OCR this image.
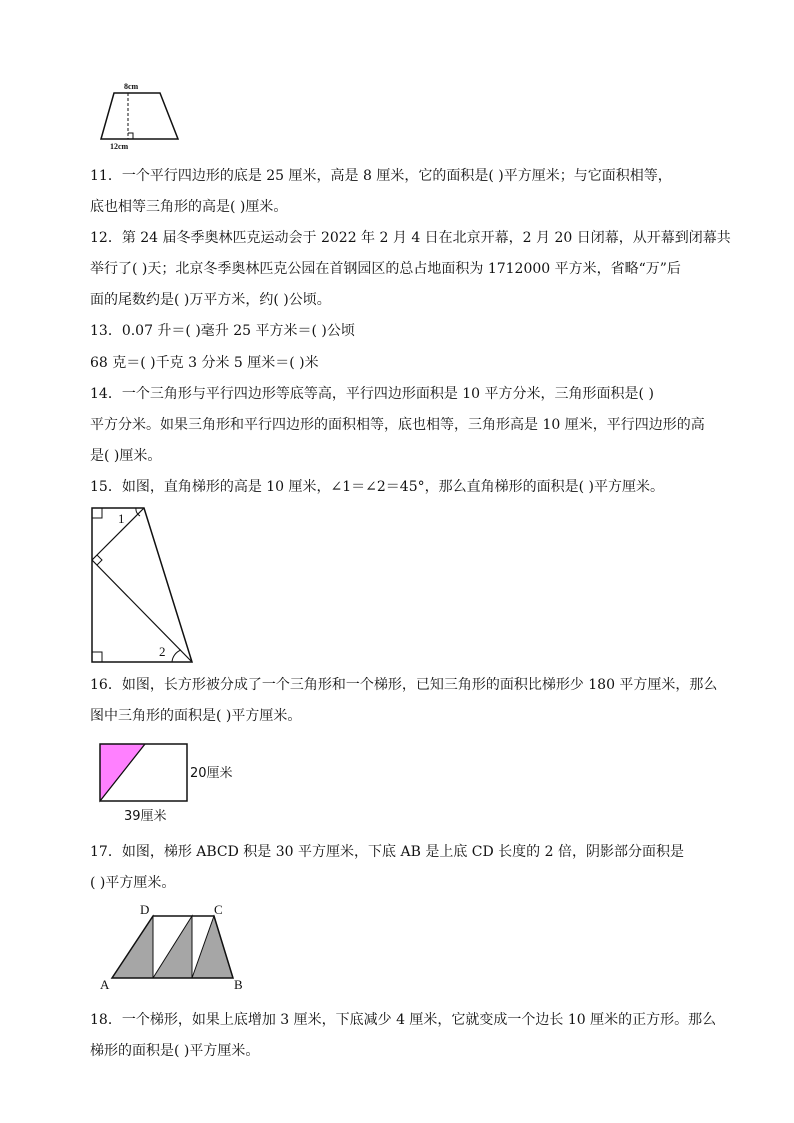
8cm
12cm
11．一个平行四边形的底是 25 厘米，高是 8 厘米，它的面积是( )平方厘米；与它面积相等，
底也相等三角形的高是( )厘米。
12．第 24 届冬季奥林匹克运动会于 2022 年 2 月 4 日在北京开幕，2 月 20 日闭幕，从开幕到闭幕共
举行了( )天；北京冬季奥林匹克公园在首钢园区的总占地面积为 1712000 平方米，省略“万”后
面的尾数约是( )万平方米，约( )公顷。
13．0.07 升＝( )毫升 25 平方米＝( )公顷
68 克＝( )千克 3 分米 5 厘米＝( )米
14．一个三角形与平行四边形等底等高，平行四边形面积是 10 平方分米，三角形面积是( )
平方分米。如果三角形和平行四边形的面积相等，底也相等，三角形高是 10 厘米，平行四边形的高
是( )厘米。
15．如图，直角梯形的高是 10 厘米，∠1＝∠2＝45°，那么直角梯形的面积是( )平方厘米。
1
2
16．如图，长方形被分成了一个三角形和一个梯形，已知三角形的面积比梯形少 180 平方厘米，那么
图中三角形的面积是( )平方厘米。
20厘米
39厘米
17．如图，梯形 ABCD 积是 30 平方厘米，下底 AB 是上底 CD 长度的 2 倍，阴影部分面积是
( )平方厘米。
D	C
A	B
18．一个梯形，如果上底增加 3 厘米，下底减少 4 厘米，它就变成一个边长 10 厘米的正方形。那么
梯形的面积是( )平方厘米。
